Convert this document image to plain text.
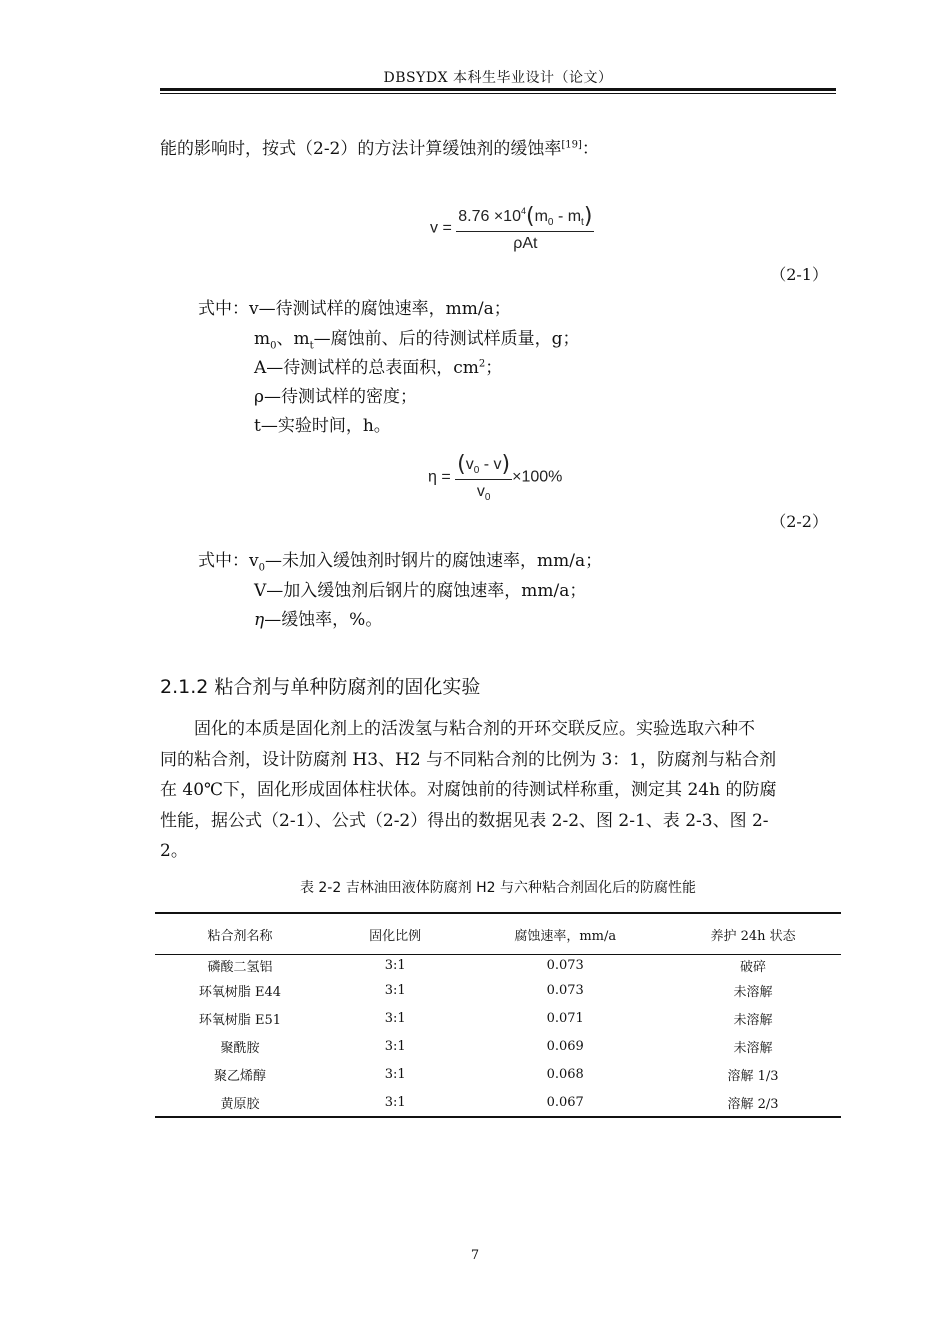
DBSYDX 本科生毕业设计（论文）
能的影响时，按式（2-2）的方法计算缓蚀剂的缓蚀率[19]：
$v = \frac{8.76 \times 10^4(m_0 - m_t)}{\text{ρAt}}$
（2-1）
式中：v—待测试样的腐蚀速率，mm/a；
$m_0$、$m_t—$腐蚀前、后的待测试样质量，g；
A—待测试样的总表面积，$cm^2$；
ρ—待测试样的密度；
t—实验时间，h。
$\eta = \frac{(v_0 - v)}{v_0} \times 100\%$
（2-2）
式中：$v_0—$未加入缓蚀剂时钢片的腐蚀速率，mm/a；
V—加入缓蚀剂后钢片的腐蚀速率，mm/a；
η—缓蚀率，%。
2.1.2 粘合剂与单种防腐剂的固化实验
　　固化的本质是固化剂上的活泼氢与粘合剂的开环交联反应。实验选取六种不
同的粘合剂，设计防腐剂 H3、H2 与不同粘合剂的比例为 3：1，防腐剂与粘合剂
在 40℃下，固化形成固体柱状体。对腐蚀前的待测试样称重，测定其 24h 的防腐
性能，据公式（2-1）、公式（2-2）得出的数据见表 2-2、图 2-1、表 2-3、图 2-
2。
表 2-2 吉林油田液体防腐剂 H2 与六种粘合剂固化后的防腐性能
粘合剂名称	固化比例	腐蚀速率，mm/a	养护 24h 状态
磷酸二氢铝	3:1	0.073	破碎
环氧树脂 E44	3:1	0.073	未溶解
环氧树脂 E51	3:1	0.071	未溶解
聚酰胺	3:1	0.069	未溶解
聚乙烯醇	3:1	0.068	溶解 1/3
黄原胶	3:1	0.067	溶解 2/3
7
